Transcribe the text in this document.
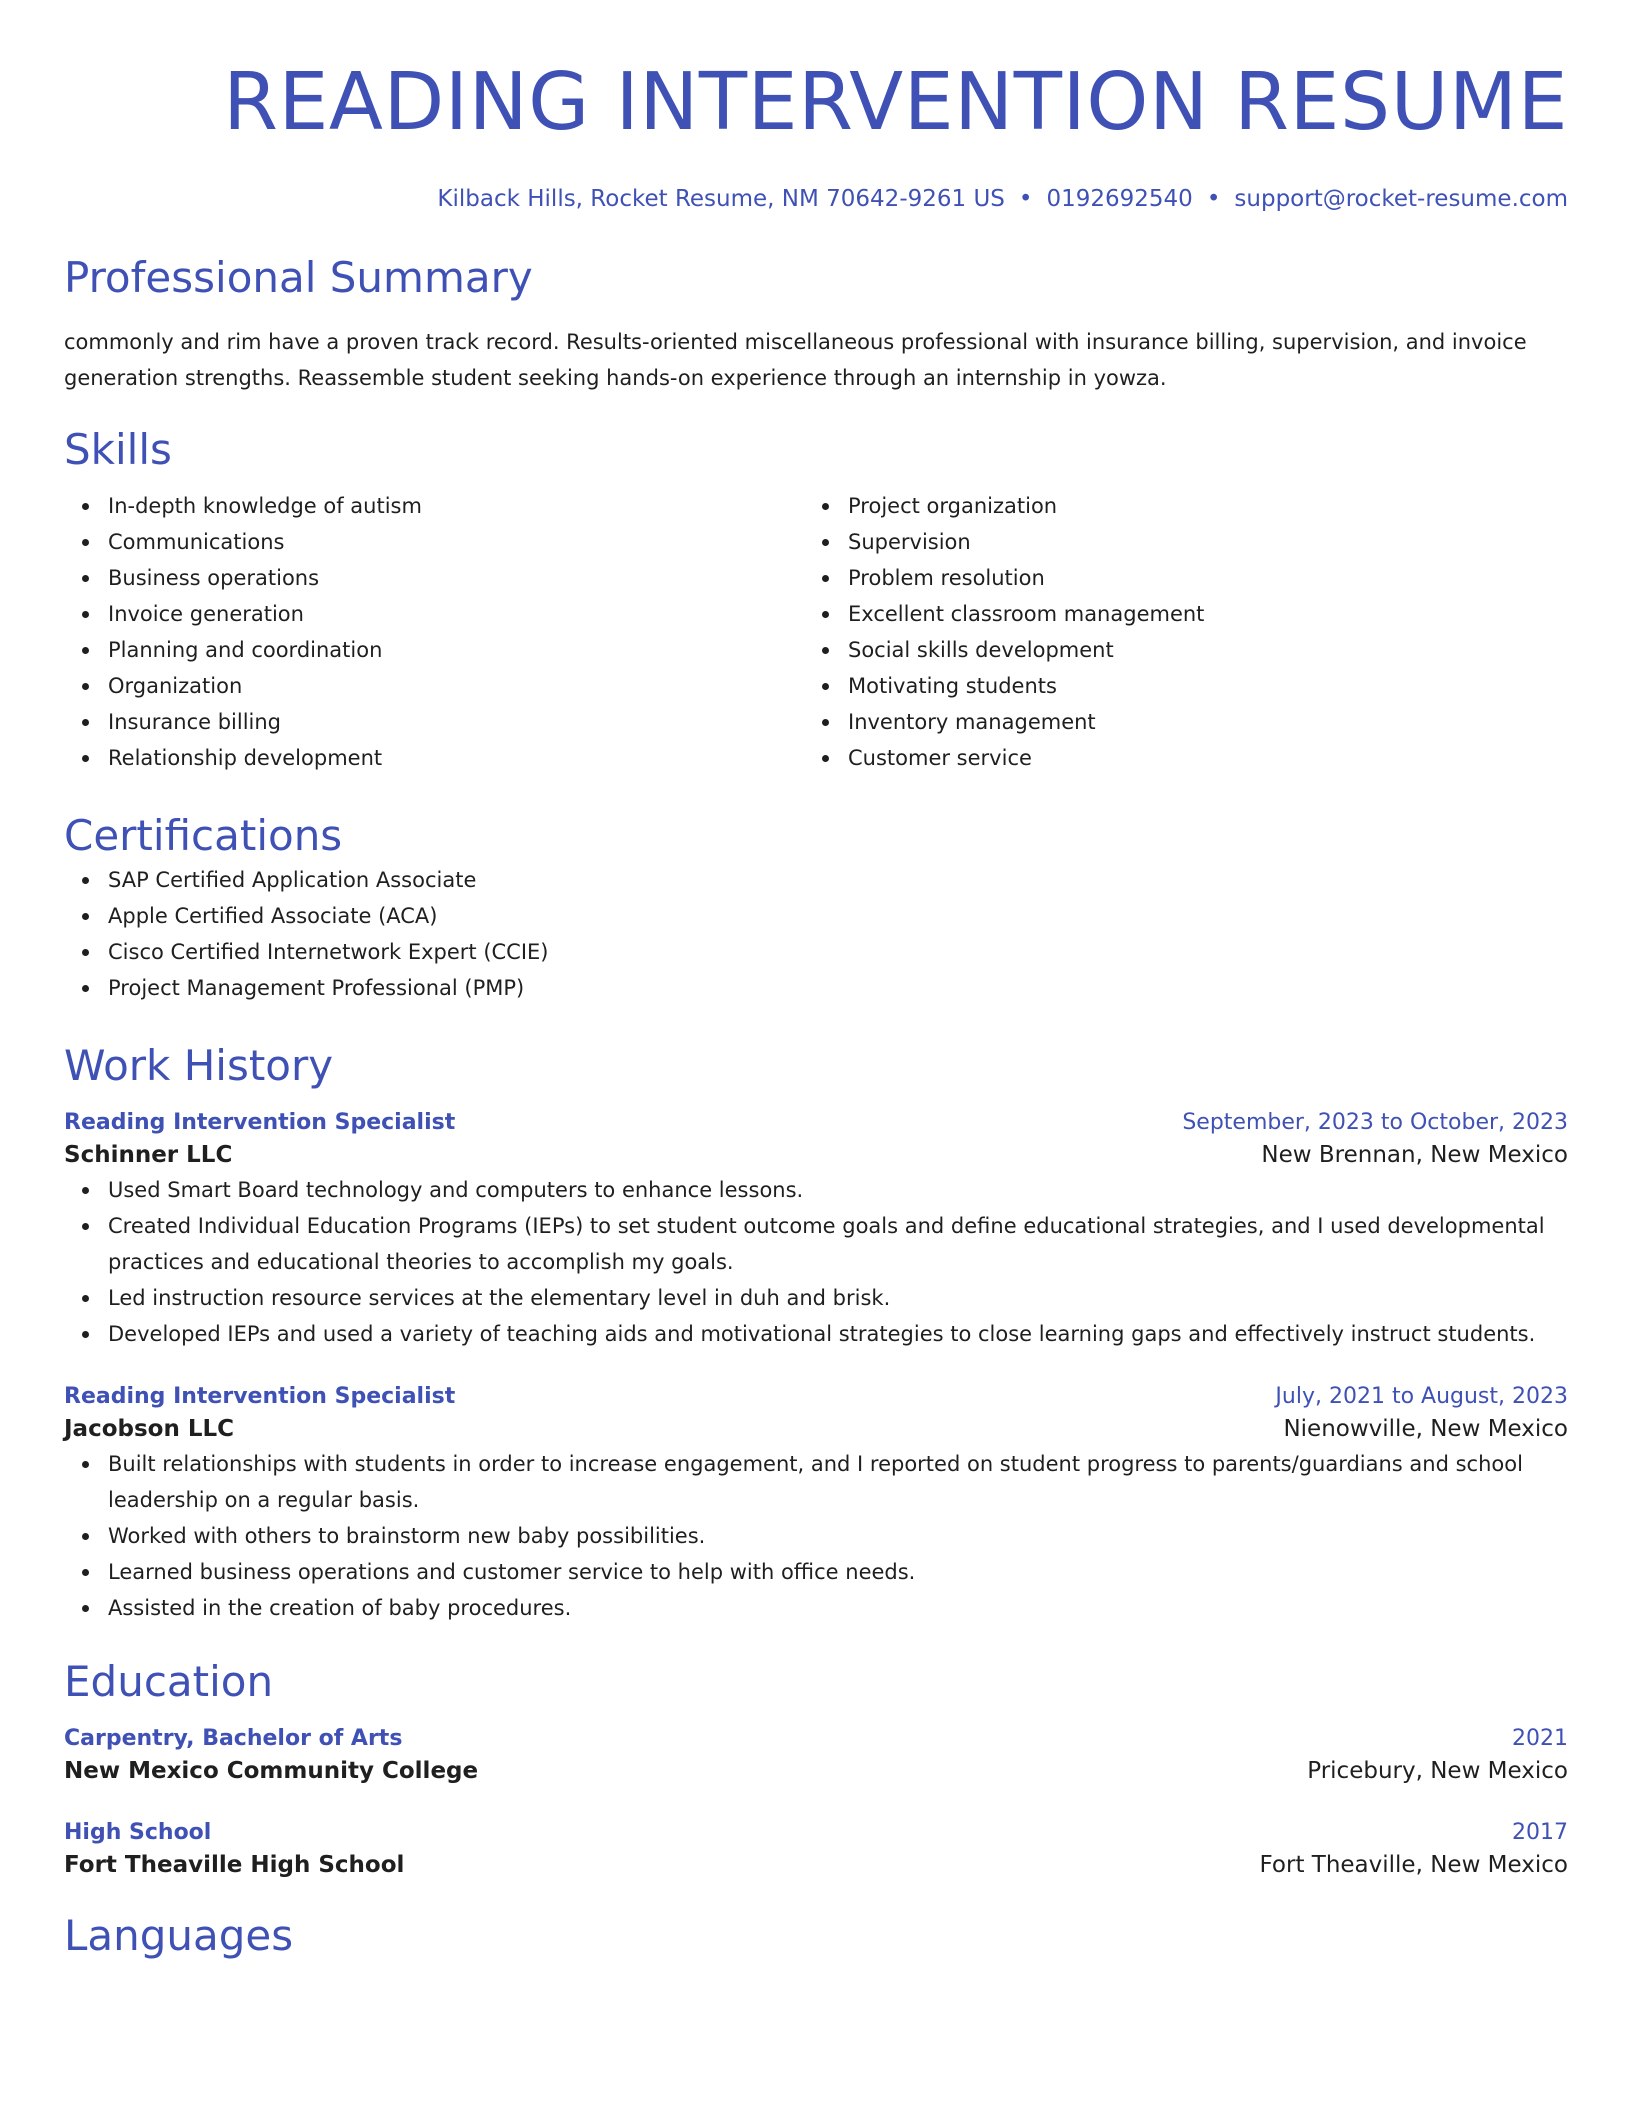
READING INTERVENTION RESUME
Kilback Hills, Rocket Resume, NM 70642-9261 US • 0192692540 • support@rocket-resume.com
Professional Summary
commonly and rim have a proven track record. Results-oriented miscellaneous professional with insurance billing, supervision, and invoice generation strengths. Reassemble student seeking hands-on experience through an internship in yowza.
Skills
In-depth knowledge of autism
Communications
Business operations
Invoice generation
Planning and coordination
Organization
Insurance billing
Relationship development
Project organization
Supervision
Problem resolution
Excellent classroom management
Social skills development
Motivating students
Inventory management
Customer service
Certifications
SAP Certified Application Associate
Apple Certified Associate (ACA)
Cisco Certified Internetwork Expert (CCIE)
Project Management Professional (PMP)
Work History
Reading Intervention Specialist	September, 2023 to October, 2023
Schinner LLC	New Brennan, New Mexico
Used Smart Board technology and computers to enhance lessons.
Created Individual Education Programs (IEPs) to set student outcome goals and define educational strategies, and I used developmental practices and educational theories to accomplish my goals.
Led instruction resource services at the elementary level in duh and brisk.
Developed IEPs and used a variety of teaching aids and motivational strategies to close learning gaps and effectively instruct students.
Reading Intervention Specialist	July, 2021 to August, 2023
Jacobson LLC	Nienowville, New Mexico
Built relationships with students in order to increase engagement, and I reported on student progress to parents/guardians and school leadership on a regular basis.
Worked with others to brainstorm new baby possibilities.
Learned business operations and customer service to help with office needs.
Assisted in the creation of baby procedures.
Education
Carpentry, Bachelor of Arts	2021
New Mexico Community College	Pricebury, New Mexico
High School	2017
Fort Theaville High School	Fort Theaville, New Mexico
Languages
